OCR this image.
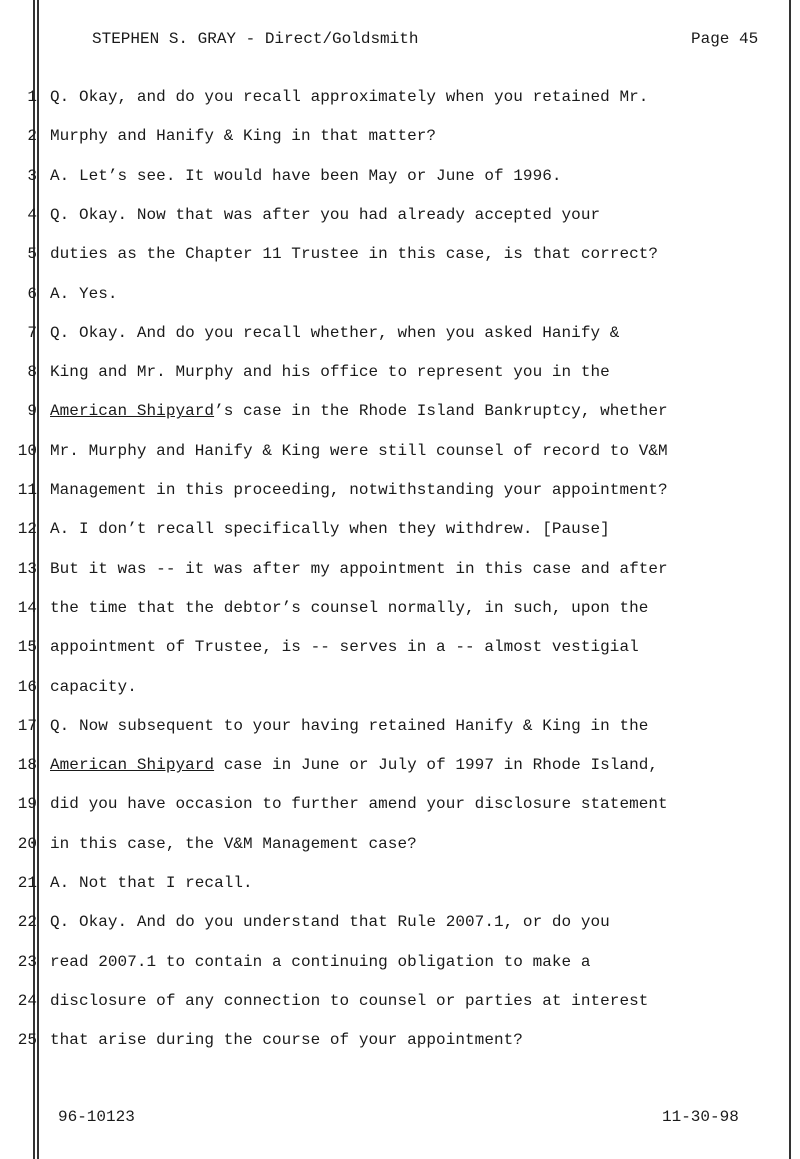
STEPHEN S. GRAY - Direct/Goldsmith	Page 45
1 Q. Okay, and do you recall approximately when you retained Mr.
2 Murphy and Hanify & King in that matter?
3 A. Let’s see. It would have been May or June of 1996.
4 Q. Okay. Now that was after you had already accepted your
5 duties as the Chapter 11 Trustee in this case, is that correct?
6 A. Yes.
7 Q. Okay. And do you recall whether, when you asked Hanify &
8 King and Mr. Murphy and his office to represent you in the
9 American Shipyard’s case in the Rhode Island Bankruptcy, whether
10 Mr. Murphy and Hanify & King were still counsel of record to V&M
11 Management in this proceeding, notwithstanding your appointment?
12 A. I don’t recall specifically when they withdrew. [Pause]
13 But it was -- it was after my appointment in this case and after
14 the time that the debtor’s counsel normally, in such, upon the
15 appointment of Trustee, is -- serves in a -- almost vestigial
16 capacity.
17 Q. Now subsequent to your having retained Hanify & King in the
18 American Shipyard case in June or July of 1997 in Rhode Island,
19 did you have occasion to further amend your disclosure statement
20 in this case, the V&M Management case?
21 A. Not that I recall.
22 Q. Okay. And do you understand that Rule 2007.1, or do you
23 read 2007.1 to contain a continuing obligation to make a
24 disclosure of any connection to counsel or parties at interest
25 that arise during the course of your appointment?
96-10123	11-30-98
